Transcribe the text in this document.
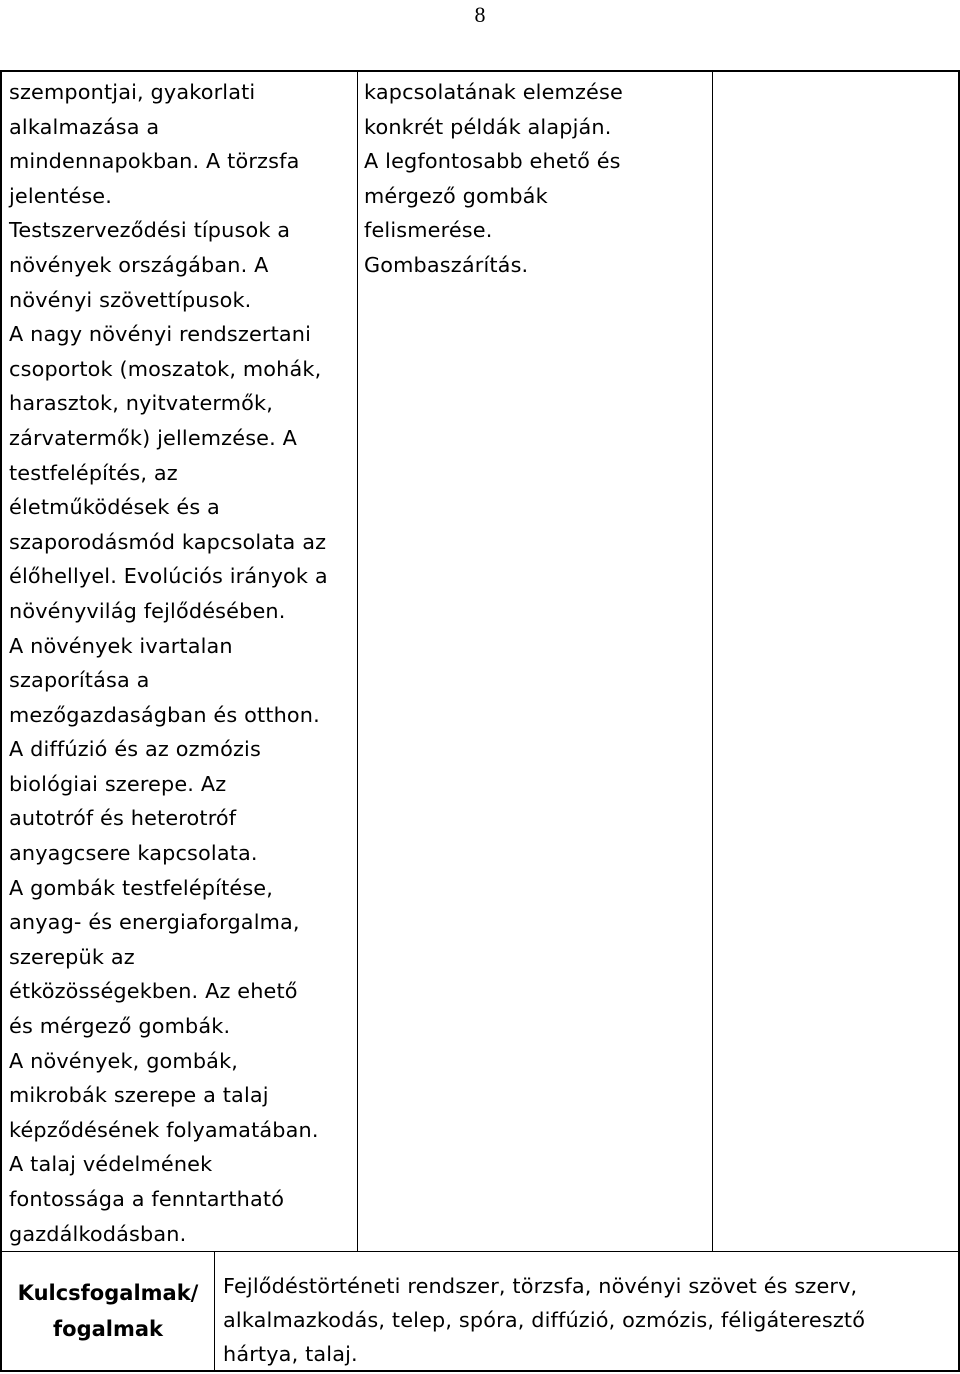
8
szempontjai, gyakorlati
alkalmazása a
mindennapokban. A törzsfa
jelentése.
Testszerveződési típusok a
növények országában. A
növényi szövettípusok.
A nagy növényi rendszertani
csoportok (moszatok, mohák,
harasztok, nyitvatermők,
zárvatermők) jellemzése. A
testfelépítés, az
életműködések és a
szaporodásmód kapcsolata az
élőhellyel. Evolúciós irányok a
növényvilág fejlődésében.
A növények ivartalan
szaporítása a
mezőgazdaságban és otthon.
A diffúzió és az ozmózis
biológiai szerepe. Az
autotróf és heterotróf
anyagcsere kapcsolata.
A gombák testfelépítése,
anyag- és energiaforgalma,
szerepük az
étközösségekben. Az ehető
és mérgező gombák.
A növények, gombák,
mikrobák szerepe a talaj
képződésének folyamatában.
A talaj védelmének
fontossága a fenntartható
gazdálkodásban.
kapcsolatának elemzése
konkrét példák alapján.
A legfontosabb ehető és
mérgező gombák
felismerése.
Gombaszárítás.
Kulcsfogalmak/
fogalmak
Fejlődéstörténeti rendszer, törzsfa, növényi szövet és szerv,
alkalmazkodás, telep, spóra, diffúzió, ozmózis, féligáteresztő
hártya, talaj.
